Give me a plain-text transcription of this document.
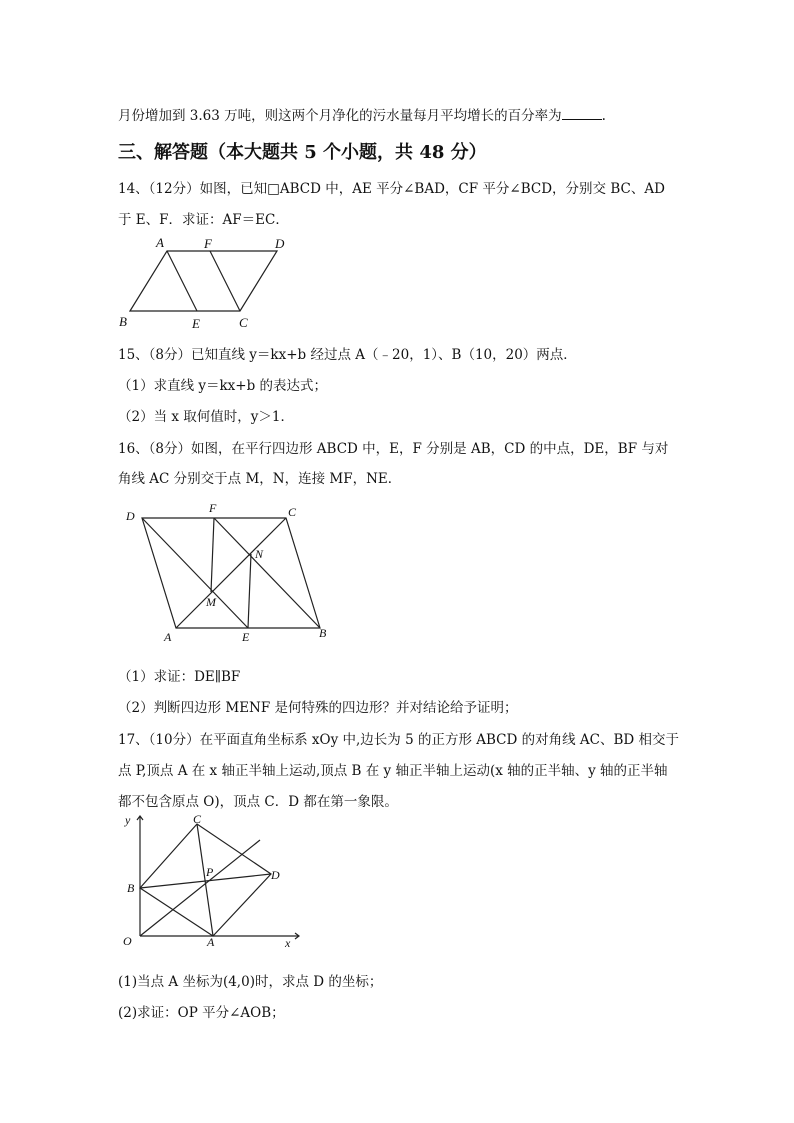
月份增加到 3.63 万吨，则这两个月净化的污水量每月平均增长的百分率为	.
三、解答题（本大题共 5 个小题，共 48 分）
14、（12分）如图，已知□ABCD 中，AE 平分∠BAD，CF 平分∠BCD，分别交 BC、AD
于 E、F．求证：AF＝EC．
A	F	D
B	E	C
15、（8分）已知直线 y＝kx+b 经过点 A（﹣20，1）、B（10，20）两点．
（1）求直线 y＝kx+b 的表达式；
（2）当 x 取何值时，y＞1．
16、（8分）如图，在平行四边形 ABCD 中，E，F 分别是 AB，CD 的中点，DE，BF 与对
角线 AC 分别交于点 M，N，连接 MF，NE．
D
F	C
N
M
A	E	B
（1）求证：DE∥BF
（2）判断四边形 MENF 是何特殊的四边形？并对结论给予证明；
17、（10分）在平面直角坐标系 xOy 中,边长为 5 的正方形 ABCD 的对角线 AC、BD 相交于
点 P,顶点 A 在 x 轴正半轴上运动,顶点 B 在 y 轴正半轴上运动(x 轴的正半轴、y 轴的正半轴
都不包含原点 O)，顶点 C．D 都在第一象限。
y	C
P	D
B
O	A	x
(1)当点 A 坐标为(4,0)时，求点 D 的坐标；
(2)求证：OP 平分∠AOB；
